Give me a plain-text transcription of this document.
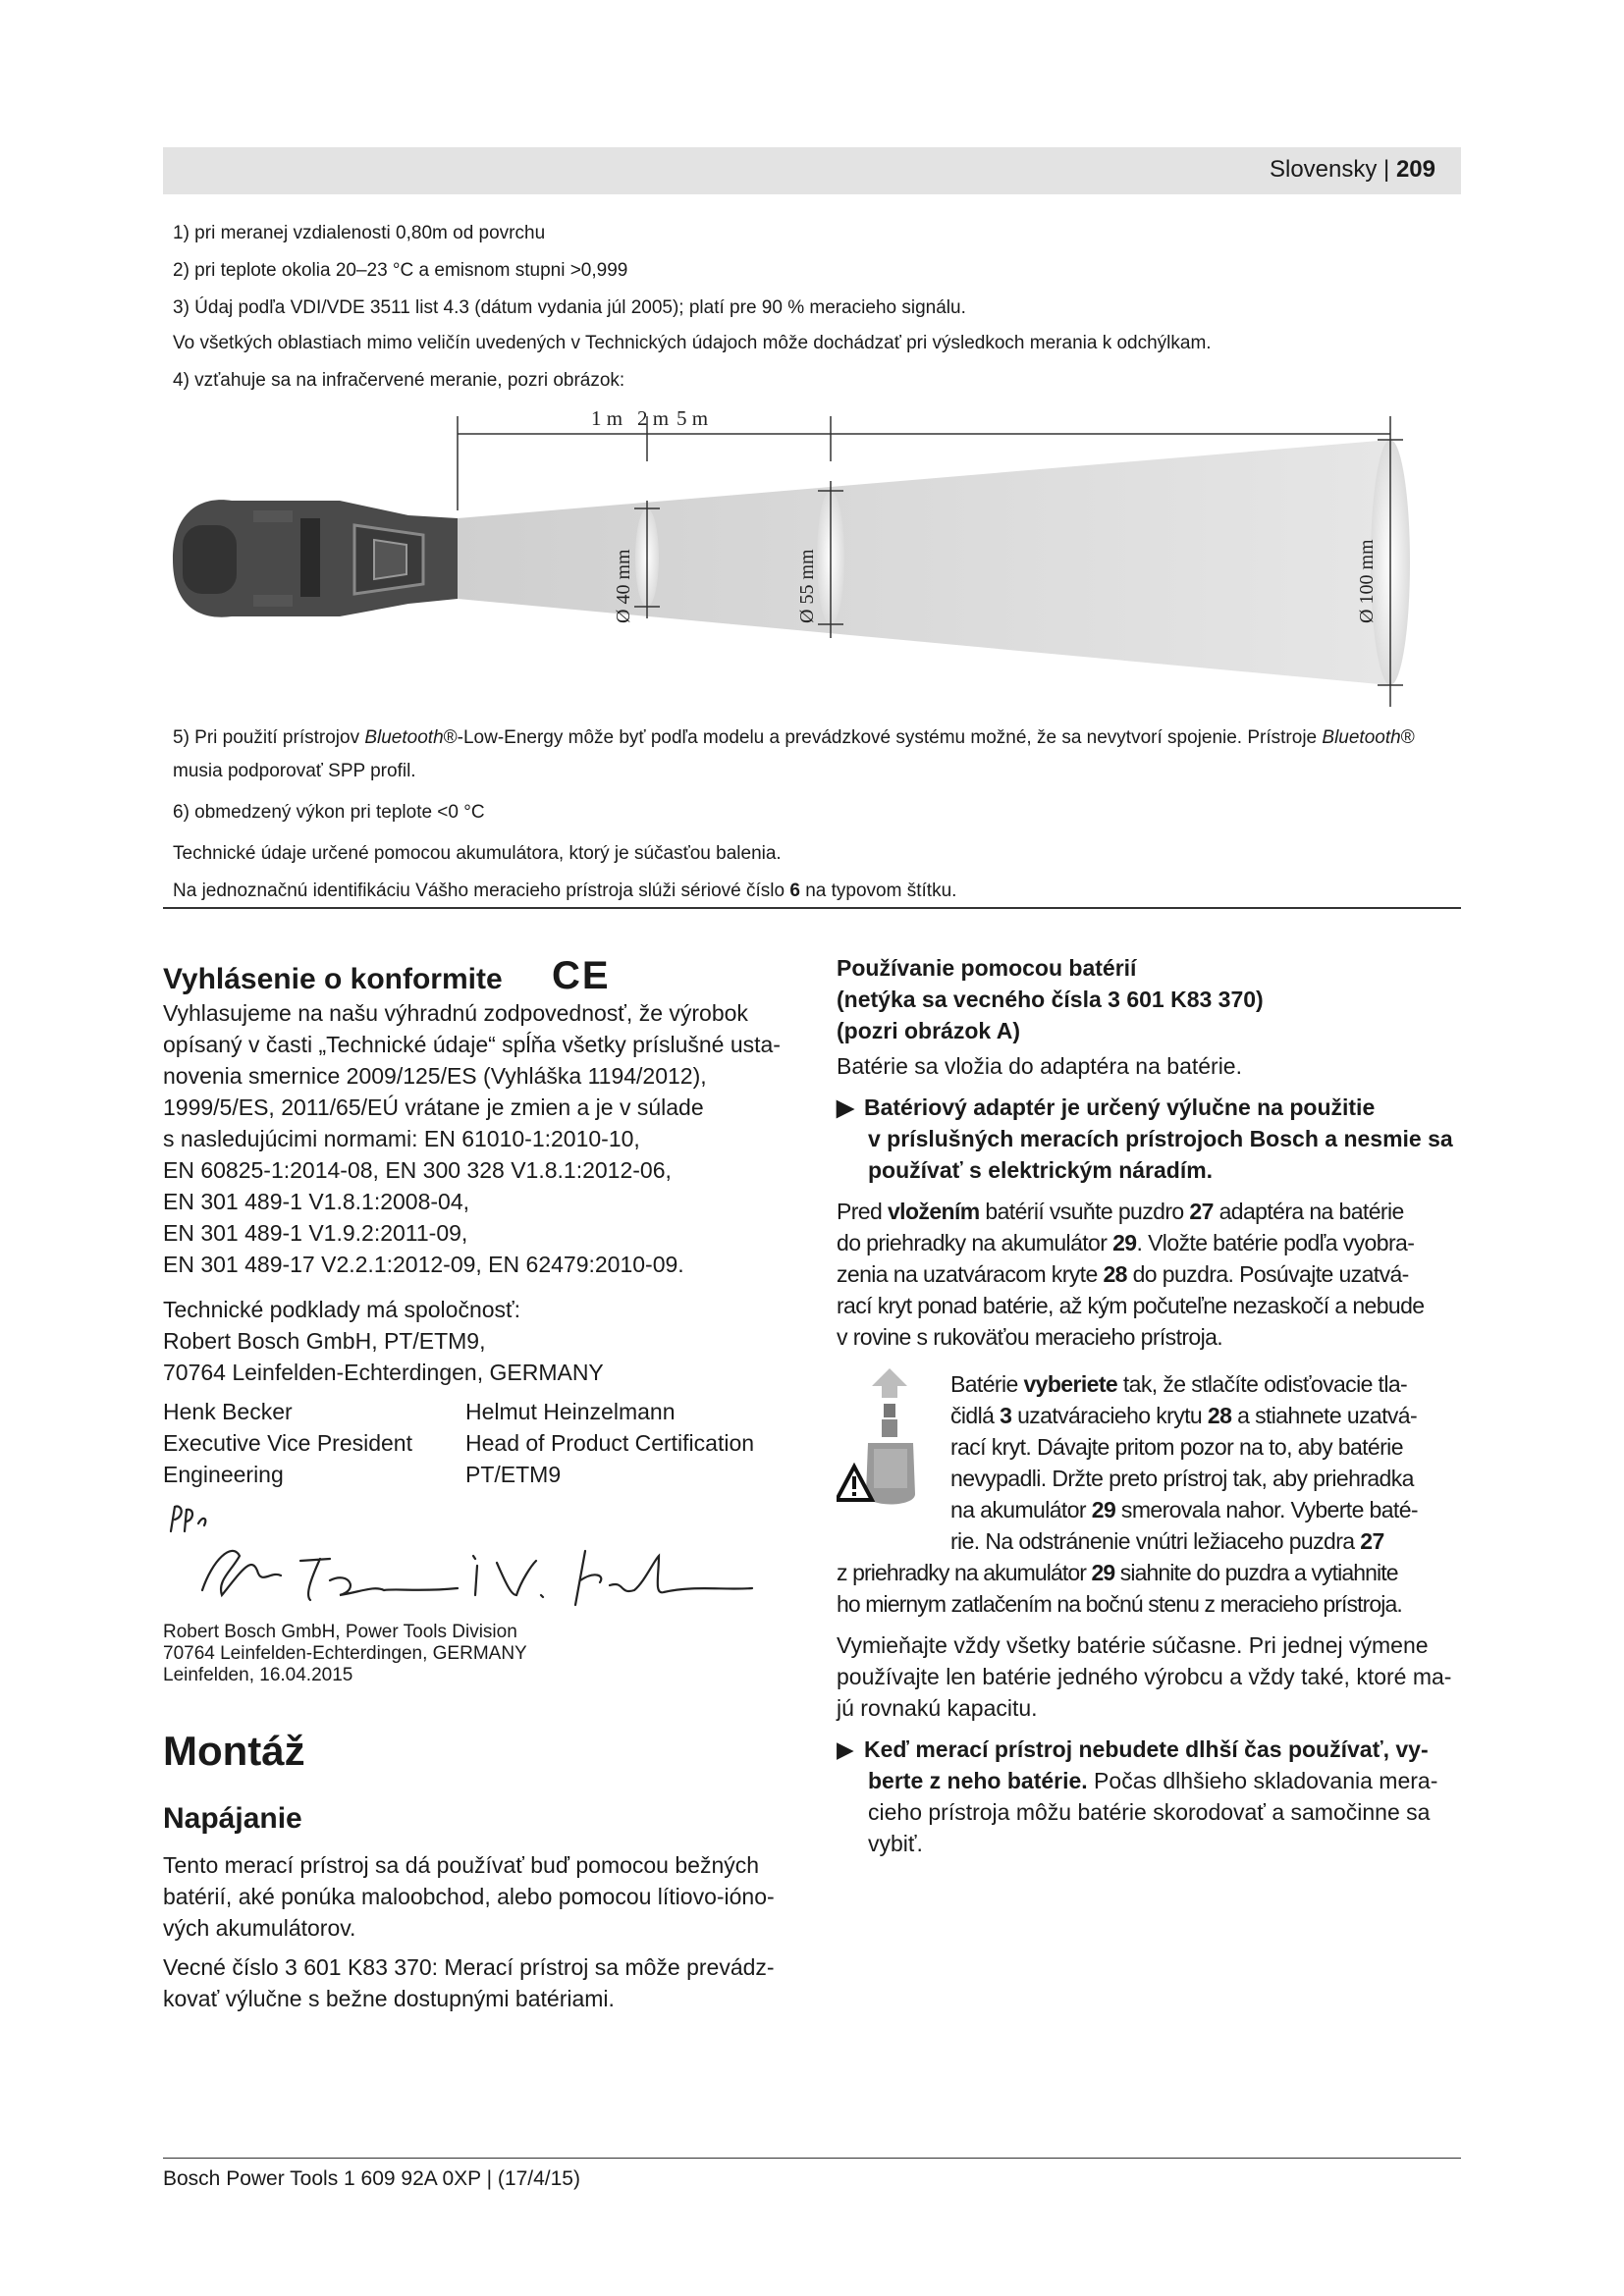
Slovensky | 209
1) pri meranej vzdialenosti 0,80m od povrchu
2) pri teplote okolia 20–23 °C a emisnom stupni >0,999
3) Údaj podľa VDI/VDE 3511 list 4.3 (dátum vydania júl 2005); platí pre 90 % meracieho signálu.
Vo všetkých oblastiach mimo veličín uvedených v Technických údajoch môže dochádzať pri výsledkoch merania k odchýlkam.
4) vzťahuje sa na infračervené meranie, pozri obrázok:
1 m 2 m 5 m
Ø 40 mm	Ø 55 mm	Ø 100 mm
5) Pri použití prístrojov Bluetooth®-Low-Energy môže byť podľa modelu a prevádzkové systému možné, že sa nevytvorí spojenie. Prístroje Bluetooth®
musia podporovať SPP profil.
6) obmedzený výkon pri teplote <0 °C
Technické údaje určené pomocou akumulátora, ktorý je súčasťou balenia.
Na jednoznačnú identifikáciu Vášho meracieho prístroja slúži sériové číslo 6 na typovom štítku.
Vyhlásenie o konformite CE

Vyhlasujeme na našu výhradnú zodpovednosť, že výrobok

opísaný v časti „Technické údaje“ spĺňa všetky príslušné usta-

novenia smernice 2009/125/ES (Vyhláška 1194/2012),

1999/5/ES, 2011/65/EÚ vrátane je zmien a je v súlade

s nasledujúcimi normami: EN 61010-1:2010-10,

EN 60825-1:2014-08, EN 300 328 V1.8.1:2012-06,

EN 301 489-1 V1.8.1:2008-04,

EN 301 489-1 V1.9.2:2011-09,

EN 301 489-17 V2.2.1:2012-09, EN 62479:2010-09.

Technické podklady má spoločnosť:

Robert Bosch GmbH, PT/ETM9,

70764 Leinfelden-Echterdingen, GERMANY

Henk Becker

Executive Vice President

Engineering

Helmut Heinzelmann

Head of Product Certification

PT/ETM9

Robert Bosch GmbH, Power Tools Division

70764 Leinfelden-Echterdingen, GERMANY

Leinfelden, 16.04.2015

Montáž
Napájanie

Tento merací prístroj sa dá používať buď pomocou bežných

batérií, aké ponúka maloobchod, alebo pomocou lítiovo-ióno-

vých akumulátorov.

Vecné číslo 3 601 K83 370: Merací prístroj sa môže prevádz-

kovať výlučne s bežne dostupnými batériami.

Používanie pomocou batérií

(netýka sa vecného čísla 3 601 K83 370)

(pozri obrázok A)

Batérie sa vložia do adaptéra na batérie.

▶ Batériový adaptér je určený výlučne na použitie

v príslušných meracích prístrojoch Bosch a nesmie sa

používať s elektrickým náradím.

Pred vložením batérií vsuňte puzdro 27 adaptéra na batérie

do priehradky na akumulátor 29. Vložte batérie podľa vyobra-

zenia na uzatváracom kryte 28 do puzdra. Posúvajte uzatvá-

rací kryt ponad batérie, až kým počuteľne nezaskočí a nebude

v rovine s rukoväťou meracieho prístroja.

Batérie vyberiete tak, že stlačíte odisťovacie tla-

čidlá 3 uzatváracieho krytu 28 a stiahnete uzatvá-

rací kryt. Dávajte pritom pozor na to, aby batérie

nevypadli. Držte preto prístroj tak, aby priehradka

na akumulátor 29 smerovala nahor. Vyberte baté-

rie. Na odstránenie vnútri ležiaceho puzdra 27

z priehradky na akumulátor 29 siahnite do puzdra a vytiahnite

ho miernym zatlačením na bočnú stenu z meracieho prístroja.

Vymieňajte vždy všetky batérie súčasne. Pri jednej výmene

používajte len batérie jedného výrobcu a vždy také, ktoré ma-

jú rovnakú kapacitu.

▶ Keď merací prístroj nebudete dlhší čas používať, vy-

berte z neho batérie. Počas dlhšieho skladovania mera-

cieho prístroja môžu batérie skorodovať a samočinne sa

vybiť.

Bosch Power Tools 1 609 92A 0XP | (17/4/15)
